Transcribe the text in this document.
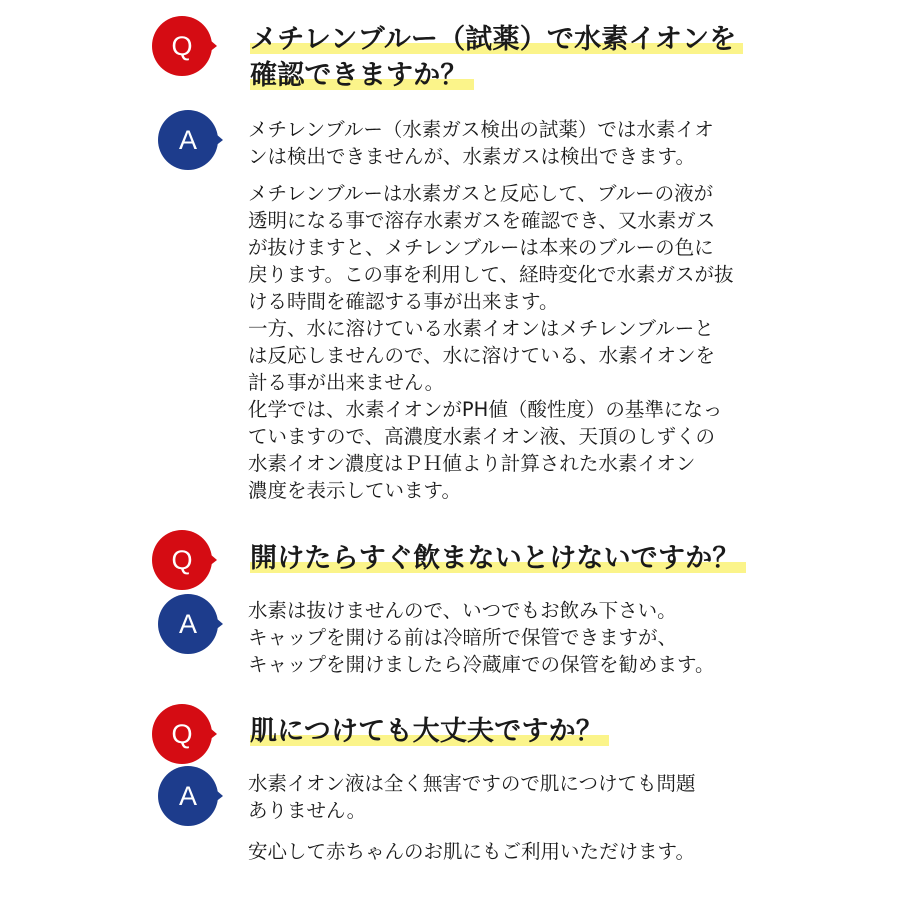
Q	メチレンブルー（試薬）で水素イオンを
確認できますか？
A	メチレンブルー（水素ガス検出の試薬）では水素イオ
ンは検出できませんが、水素ガスは検出できます。
メチレンブルーは水素ガスと反応して、ブルーの液が
透明になる事で溶存水素ガスを確認でき、又水素ガス
が抜けますと、メチレンブルーは本来のブルーの色に
戻ります。この事を利用して、経時変化で水素ガスが抜
ける時間を確認する事が出来ます。
一方、水に溶けている水素イオンはメチレンブルーと
は反応しませんので、水に溶けている、水素イオンを
計る事が出来ません。
化学では、水素イオンがPH値（酸性度）の基準になっ
ていますので、高濃度水素イオン液、天頂のしずくの
水素イオン濃度はＰＨ値より計算された水素イオン
濃度を表示しています。
Q	開けたらすぐ飲まないとけないですか？
A	水素は抜けませんので、いつでもお飲み下さい。
キャップを開ける前は冷暗所で保管できますが、
キャップを開けましたら冷蔵庫での保管を勧めます。
Q	肌につけても大丈夫ですか？
A	水素イオン液は全く無害ですので肌につけても問題
ありません。
安心して赤ちゃんのお肌にもご利用いただけます。
